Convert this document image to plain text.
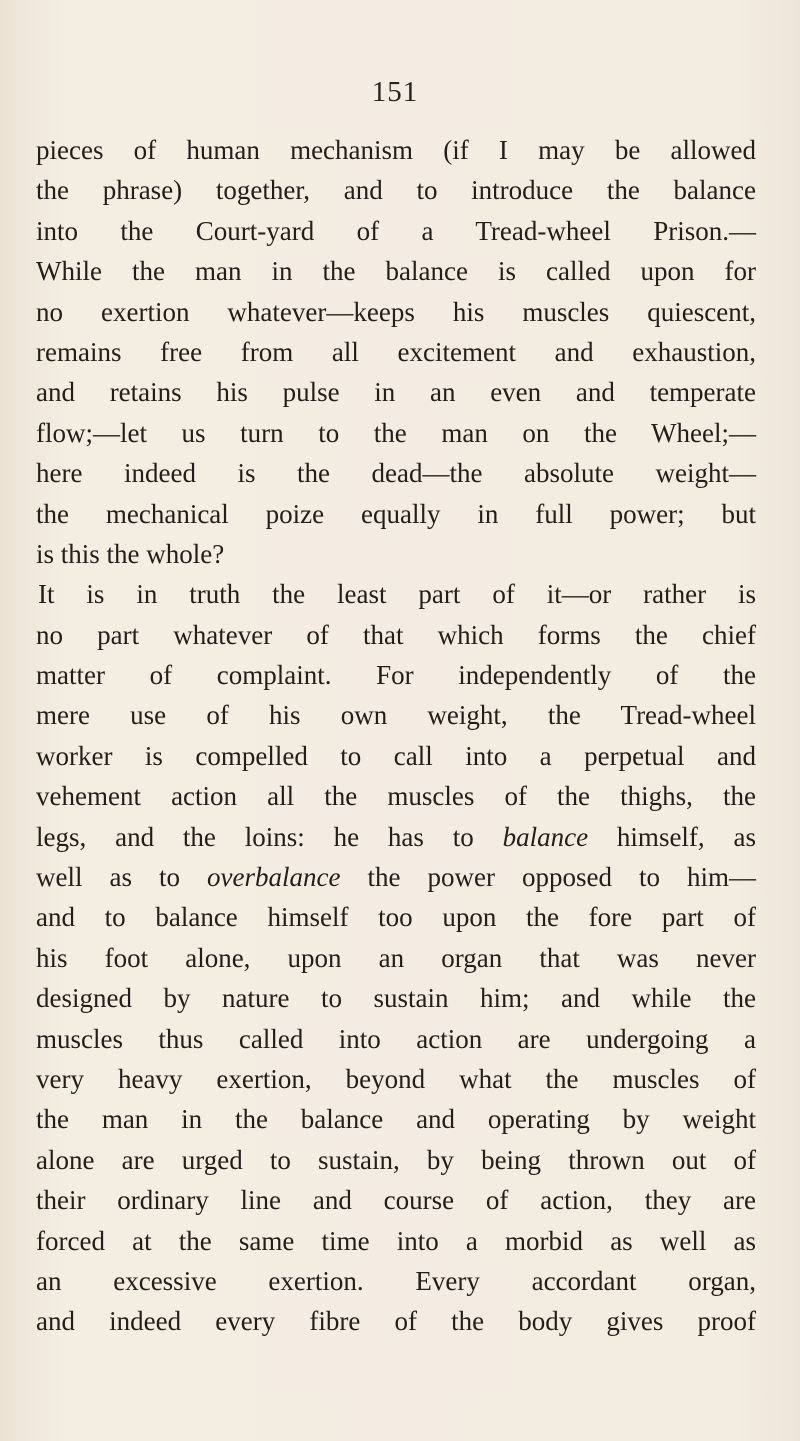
151
pieces of human mechanism (if I may be allowed
the phrase) together, and to introduce the balance
into the Court-yard of a Tread-wheel Prison.—
While the man in the balance is called upon for
no exertion whatever—keeps his muscles quiescent,
remains free from all excitement and exhaustion,
and retains his pulse in an even and temperate
flow;—let us turn to the man on the Wheel;—
here indeed is the dead—the absolute weight—
the mechanical poize equally in full power; but
is this the whole?
It is in truth the least part of it—or rather is
no part whatever of that which forms the chief
matter of complaint. For independently of the
mere use of his own weight, the Tread-wheel
worker is compelled to call into a perpetual and
vehement action all the muscles of the thighs, the
legs, and the loins: he has to balance himself, as
well as to overbalance the power opposed to him—
and to balance himself too upon the fore part of
his foot alone, upon an organ that was never
designed by nature to sustain him; and while the
muscles thus called into action are undergoing a
very heavy exertion, beyond what the muscles of
the man in the balance and operating by weight
alone are urged to sustain, by being thrown out of
their ordinary line and course of action, they are
forced at the same time into a morbid as well as
an excessive exertion. Every accordant organ,
and indeed every fibre of the body gives proof
